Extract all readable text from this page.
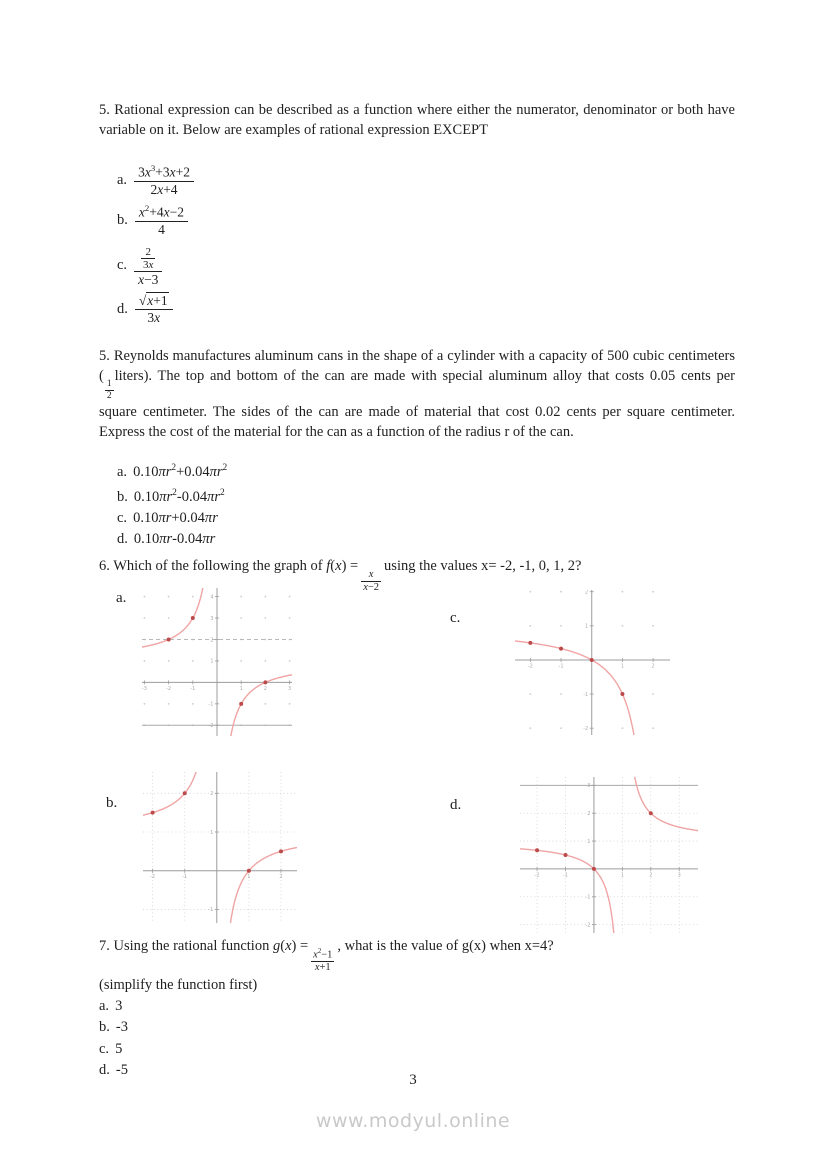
5. Rational expression can be described as a function where either the numerator, denominator or both have variable on it. Below are examples of rational expression EXCEPT

a. $\frac{3x^3+3x+2}{2x+4}$
b. $\frac{x^2+4x-2}{4}$
c. $\frac{\frac{2}{3x}}{x-3}$
d. $\frac{√x+1}{3x}$

5. Reynolds manufactures aluminum cans in the shape of a cylinder with a capacity of 500 cubic centimeters (
$\frac{1}{2}$
liters). The top and bottom of the can are made with special aluminum alloy that costs 0.05 cents per square centimeter. The sides of the can are made of material that cost 0.02 cents per square centimeter. Express the cost of the material for the can as a function of the radius r of the can.

a. $0.10\pi r^2+0.04\pi r^2$
b. $0.10\pi r^2-0.04\pi r^2$
c. 0.10πr+0.04πr
d. 0.10πr-0.04πr

6. Which of the following the graph of f(x) =
$\frac{x}{x-2}$
using the values x= -2, -1, 0, 1, 2?

a.
-3	-2	-1	1	2	3
-2
-1
1
2
3
4
c.
-2	-1	1	2
-2
-1
1
2
b.
-2	-1	1	2
-1
1
2
d.
-2	-1	1	2	3
-2
-1
1
2
3

7. Using the rational function g(x) =
$\frac{x^2-1}{x+1}$
, what is the value of g(x) when x=4?

(simplify the function first)

a. 3
b. -3
c. 5
d. -5
3
www.modyul.online
